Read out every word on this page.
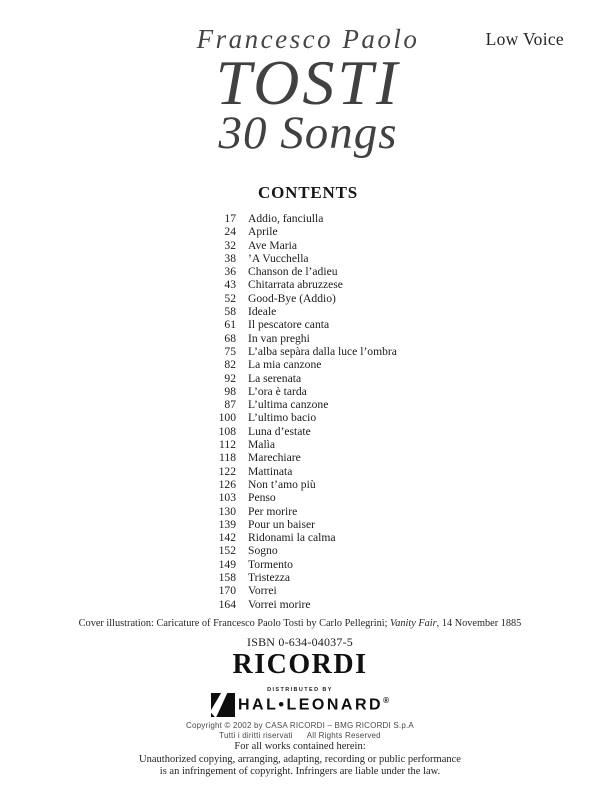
Low Voice
Francesco Paolo
TOSTI
30 Songs
CONTENTS
17 Addio, fanciulla
24 Aprile
32 Ave Maria
38 ’A Vucchella
36 Chanson de l’adieu
43 Chitarrata abruzzese
52 Good-Bye (Addio)
58 Ideale
61 Il pescatore canta
68 In van preghi
75 L’alba sepàra dalla luce l’ombra
82 La mia canzone
92 La serenata
98 L’ora è tarda
87 L’ultima canzone
100 L’ultimo bacio
108 Luna d’estate
112 Malìa
118 Marechiare
122 Mattinata
126 Non t’amo più
103 Penso
130 Per morire
139 Pour un baiser
142 Ridonami la calma
152 Sogno
149 Tormento
158 Tristezza
170 Vorrei
164 Vorrei morire
Cover illustration: Caricature of Francesco Paolo Tosti by Carlo Pellegrini; Vanity Fair, 14 November 1885
ISBN 0-634-04037-5
RICORDI
DISTRIBUTED BY
HAL•LEONARD®
Copyright © 2002 by CASA RICORDI – BMG RICORDI S.p.A
Tutti i diritti riservati All Rights Reserved
For all works contained herein:
Unauthorized copying, arranging, adapting, recording or public performance
is an infringement of copyright. Infringers are liable under the law.
